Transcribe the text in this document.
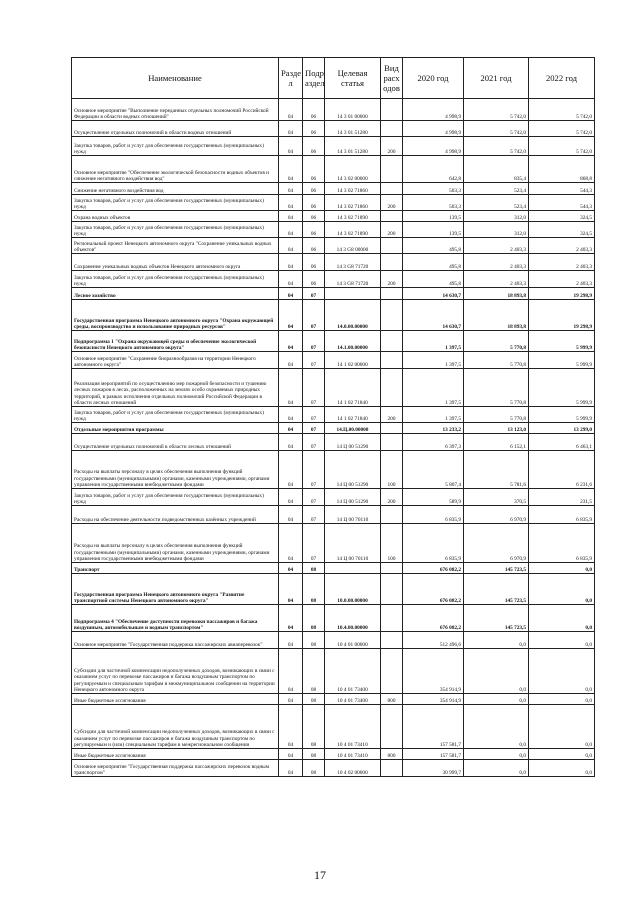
Наименование	Разде л	Подр аздел	Целевая статья	Вид расх одов	2020 год	2021 год	2022 год
Основное мероприятие "Выполнение переданных отдельных полномочий Российской Федерации в области водных отношений"	04	06	14 3 01 00000		4 998,9	5 742,0	5 742,0
Осуществление отдельных полномочий в области водных отношений	04	06	14 3 01 51280		4 998,9	5 742,0	5 742,0
Закупка товаров, работ и услуг для обеспечения государственных (муниципальных) нужд	04	06	14 3 01 51280	200	4 998,9	5 742,0	5 742,0
Основное мероприятие "Обеспечение экологической безопасности водных объектов и снижение негативного воздействия вод"	04	06	14 3 02 00000		642,8	835,4	868,8
Снижение негативного воздействия вод	04	06	14 3 02 71860		503,3	523,4	544,3
Закупка товаров, работ и услуг для обеспечения государственных (муниципальных) нужд	04	06	14 3 02 71860	200	503,3	523,4	544,3
Охрана водных объектов	04	06	14 3 02 71890		139,5	312,0	324,5
Закупка товаров, работ и услуг для обеспечения государственных (муниципальных) нужд	04	06	14 3 02 71890	200	139,5	312,0	324,5
Региональный проект Ненецкого автономного округа "Сохранение уникальных водных объектов"	04	06	14 3 G8 00000		495,8	2 403,3	2 403,3
Сохранение уникальных водных объектов Ненецкого автономного округа	04	06	14 3 G8 71720		495,8	2 403,3	2 403,3
Закупка товаров, работ и услуг для обеспечения государственных (муниципальных) нужд	04	06	14 3 G8 71720	200	495,8	2 403,3	2 403,3
Лесное хозяйство	04	07			14 630,7	18 893,8	19 298,9
Государственная программа Ненецкого автономного округа "Охрана окружающей среды, воспроизводство и использование природных ресурсов"	04	07	14.0.00.00000		14 630,7	18 893,8	19 298,9
Подпрограмма 1 "Охрана окружающей среды и обеспечение экологической безопасности Ненецкого автономного округа"	04	07	14.1.00.00000		1 397,5	5 770,8	5 999,9
Основное мероприятие "Сохранение биоразнообразия на территории Ненецкого автономного округа"	04	07	14 1 02 00000		1 397,5	5 770,8	5 999,9
Реализация мероприятий по осуществлению мер пожарной безопасности и тушению лесных пожаров в лесах, расположенных на землях особо охраняемых природных территорий, в рамках исполнения отдельных полномочий Российской Федерации в области лесных отношений	04	07	14 1 02 71840		1 397,5	5 770,8	5 999,9
Закупка товаров, работ и услуг для обеспечения государственных (муниципальных) нужд	04	07	14 1 02 71840	200	1 397,5	5 770,8	5 999,9
Отдельные мероприятия программы	04	07	14.Ц.00.00000		13 233,2	13 123,0	13 299,0
Осуществление отдельных полномочий в области лесных отношений	04	07	14 Ц 00 51290		6 397,3	6 152,1	6 463,1
Расходы на выплаты персоналу в целях обеспечения выполнения функций государственными (муниципальными) органами, казенными учреждениями, органами управления государственными внебюджетными фондами	04	07	14 Ц 00 51290	100	5 807,4	5 781,6	6 231,6
Закупка товаров, работ и услуг для обеспечения государственных (муниципальных) нужд	04	07	14 Ц 00 51290	200	589,9	370,5	231,5
Расходы на обеспечение деятельности подведомственных казённых учреждений	04	07	14 Ц 00 70110		6 835,9	6 970,9	6 835,9
Расходы на выплаты персоналу в целях обеспечения выполнения функций государственными (муниципальными) органами, казенными учреждениями, органами управления государственными внебюджетными фондами	04	07	14 Ц 00 70110	100	6 835,9	6 970,9	6 835,9
Транспорт	04	08			676 082,2	145 723,5	0,0
Государственная программа Ненецкого автономного округа "Развитие транспортной системы Ненецкого автономного округа"	04	08	10.0.00.00000		676 082,2	145 723,5	0,0
Подпрограмма 4 "Обеспечение доступности перевозки пассажиров и багажа воздушным, автомобильным и водным транспортом"	04	08	10.4.00.00000		676 082,2	145 723,5	0,0
Основное мероприятие "Государственная поддержка пассажирских авиаперевозок"	04	08	10 4 01 00000		512 496,6	0,0	0,0
Субсидии для частичной компенсации недополученных доходов, возникающих в связи с оказанием услуг по перевозке пассажиров и багажа воздушным транспортом по регулируемым и специальным тарифам в межмуниципальном сообщении на территории Ненецкого автономного округа	04	08	10 4 01 73400		354 914,9	0,0	0,0
Иные бюджетные ассигнования	04	08	10 4 01 73400	800	354 914,9	0,0	0,0
Субсидии для частичной компенсации недополученных доходов, возникающих в связи с оказанием услуг по перевозке пассажиров и багажа воздушным транспортом по регулируемым и (или) специальным тарифам в межрегиональном сообщении	04	08	10 4 01 73410		157 581,7	0,0	0,0
Иные бюджетные ассигнования	04	08	10 4 01 73410	800	157 581,7	0,0	0,0
Основное мероприятие "Государственная поддержка пассажирских перевозок водным транспортом"	04	08	10 4 02 00000		30 999,7	0,0	0,0
17
